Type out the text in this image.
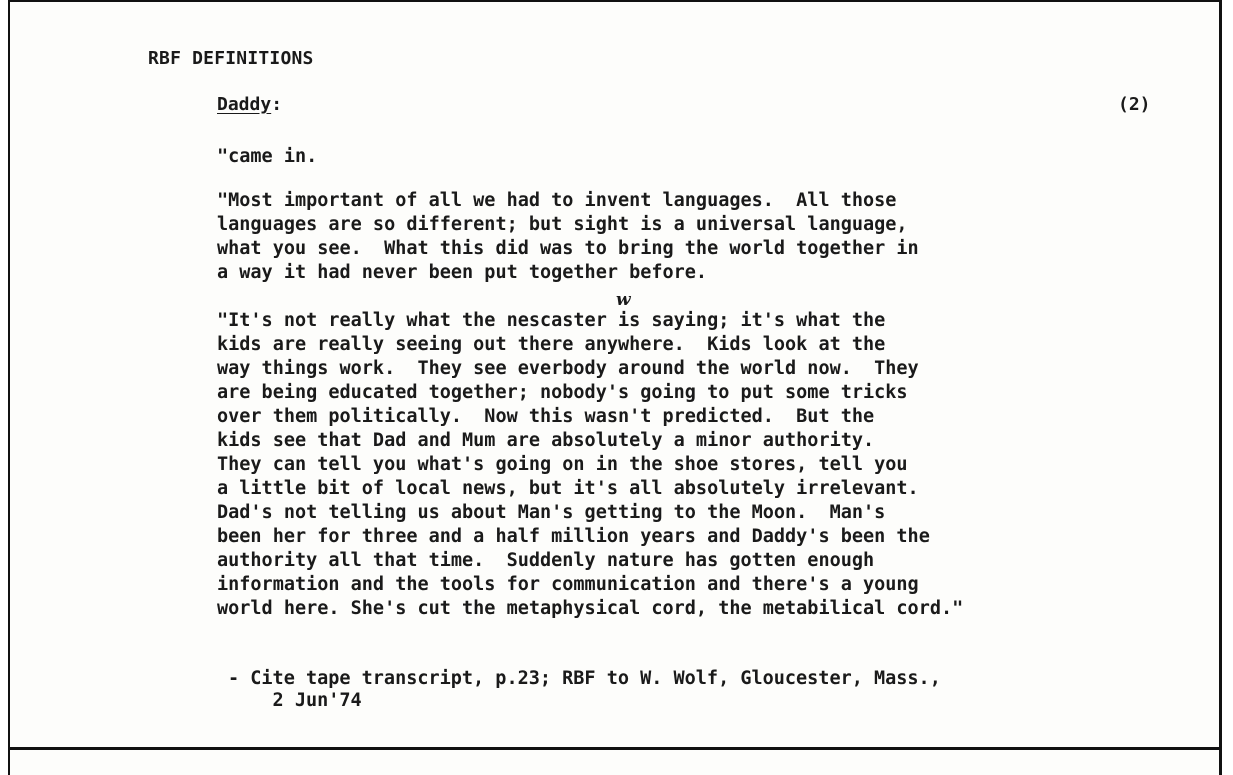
RBF DEFINITIONS
Daddy:	(2)
"came in.
"Most important of all we had to invent languages.  All those
languages are so different; but sight is a universal language,
what you see.  What this did was to bring the world together in
a way it had never been put together before.
w
"It's not really what the nescaster is saying; it's what the
kids are really seeing out there anywhere.  Kids look at the
way things work.  They see everbody around the world now.  They
are being educated together; nobody's going to put some tricks
over them politically.  Now this wasn't predicted.  But the
kids see that Dad and Mum are absolutely a minor authority.
They can tell you what's going on in the shoe stores, tell you
a little bit of local news, but it's all absolutely irrelevant.
Dad's not telling us about Man's getting to the Moon.  Man's
been her for three and a half million years and Daddy's been the
authority all that time.  Suddenly nature has gotten enough
information and the tools for communication and there's a young
world here. She's cut the metaphysical cord, the metabilical cord."
- Cite tape transcript, p.23; RBF to W. Wolf, Gloucester, Mass.,
2 Jun'74
